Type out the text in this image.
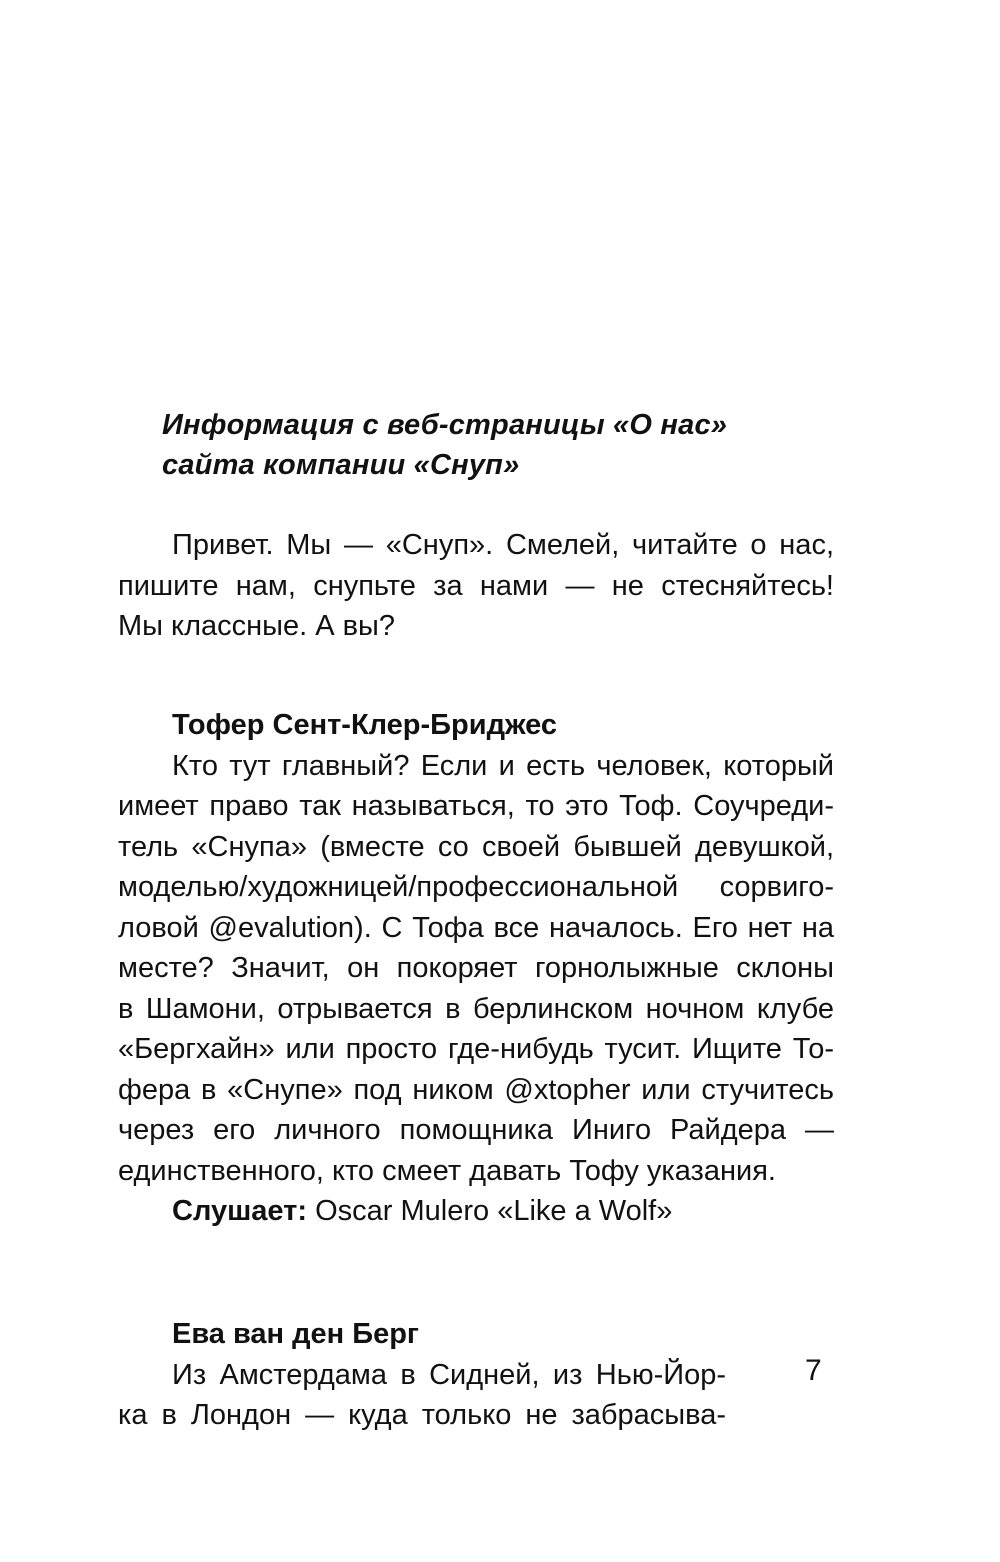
Информация с веб-страницы «О нас»
сайта компании «Снуп»
Привет. Мы — «Снуп». Смелей, читайте о нас,
пишите нам, снупьте за нами — не стесняйтесь!
Мы классные. А вы?
Тофер Сент-Клер-Бриджес
Кто тут главный? Если и есть человек, который
имеет право так называться, то это Тоф. Соучреди-
тель «Снупа» (вместе со своей бывшей девушкой,
моделью/художницей/профессиональной сорвиго-
ловой @evalution). С Тофа все началось. Его нет на
месте? Значит, он покоряет горнолыжные склоны
в Шамони, отрывается в берлинском ночном клубе
«Бергхайн» или просто где-нибудь тусит. Ищите То-
фера в «Снупе» под ником @xtopher или стучитесь
через его личного помощника Иниго Райдера —
единственного, кто смеет давать Тофу указания.
Слушает: Oscar Mulero «Like a Wolf»
Ева ван ден Берг
Из Амстердама в Сидней, из Нью-Йор-
ка в Лондон — куда только не забрасыва-
7
